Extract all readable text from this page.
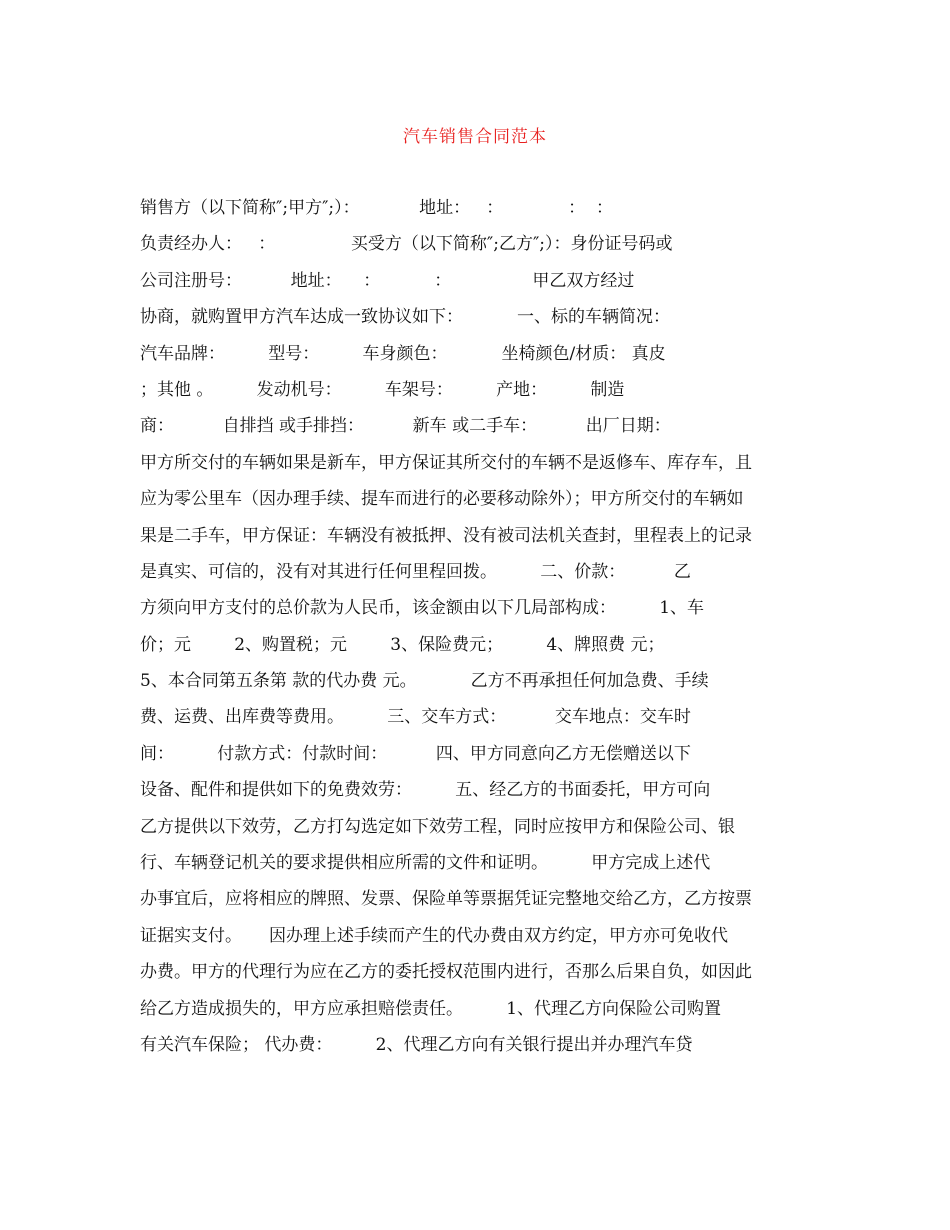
汽车销售合同范本
销售方（以下简称″;甲方″;）：           地址：   ：            ：  ：
负责经办人：   ：              买受方（以下简称″;乙方″;）：身份证号码或
公司注册号：         地址：    ：          ：               甲乙双方经过
协商，就购置甲方汽车达成一致协议如下：          一、标的车辆简况：
汽车品牌：        型号：        车身颜色：          坐椅颜色/材质： 真皮
；其他 。        发动机号：        车架号：        产地：        制造
商：         自排挡 或手排挡：         新车 或二手车：         出厂日期：
甲方所交付的车辆如果是新车，甲方保证其所交付的车辆不是返修车、库存车，且
应为零公里车（因办理手续、提车而进行的必要移动除外）；甲方所交付的车辆如
果是二手车，甲方保证：车辆没有被抵押、没有被司法机关查封，里程表上的记录
是真实、可信的，没有对其进行任何里程回拨。        二、价款：         乙
方须向甲方支付的总价款为人民币，该金额由以下几局部构成：        1、车
价；元        2、购置税；元        3、保险费元；        4、牌照费 元；
5、本合同第五条第 款的代办费 元。          乙方不再承担任何加急费、手续
费、运费、出库费等费用。        三、交车方式：         交车地点：交车时
间：        付款方式：付款时间：         四、甲方同意向乙方无偿赠送以下
设备、配件和提供如下的免费效劳：        五、经乙方的书面委托，甲方可向
乙方提供以下效劳，乙方打勾选定如下效劳工程，同时应按甲方和保险公司、银
行、车辆登记机关的要求提供相应所需的文件和证明。        甲方完成上述代
办事宜后，应将相应的牌照、发票、保险单等票据凭证完整地交给乙方，乙方按票
证据实支付。     因办理上述手续而产生的代办费由双方约定，甲方亦可免收代
办费。甲方的代理行为应在乙方的委托授权范围内进行，否那么后果自负，如因此
给乙方造成损失的，甲方应承担赔偿责任。        1、代理乙方向保险公司购置
有关汽车保险； 代办费：        2、代理乙方向有关银行提出并办理汽车贷
